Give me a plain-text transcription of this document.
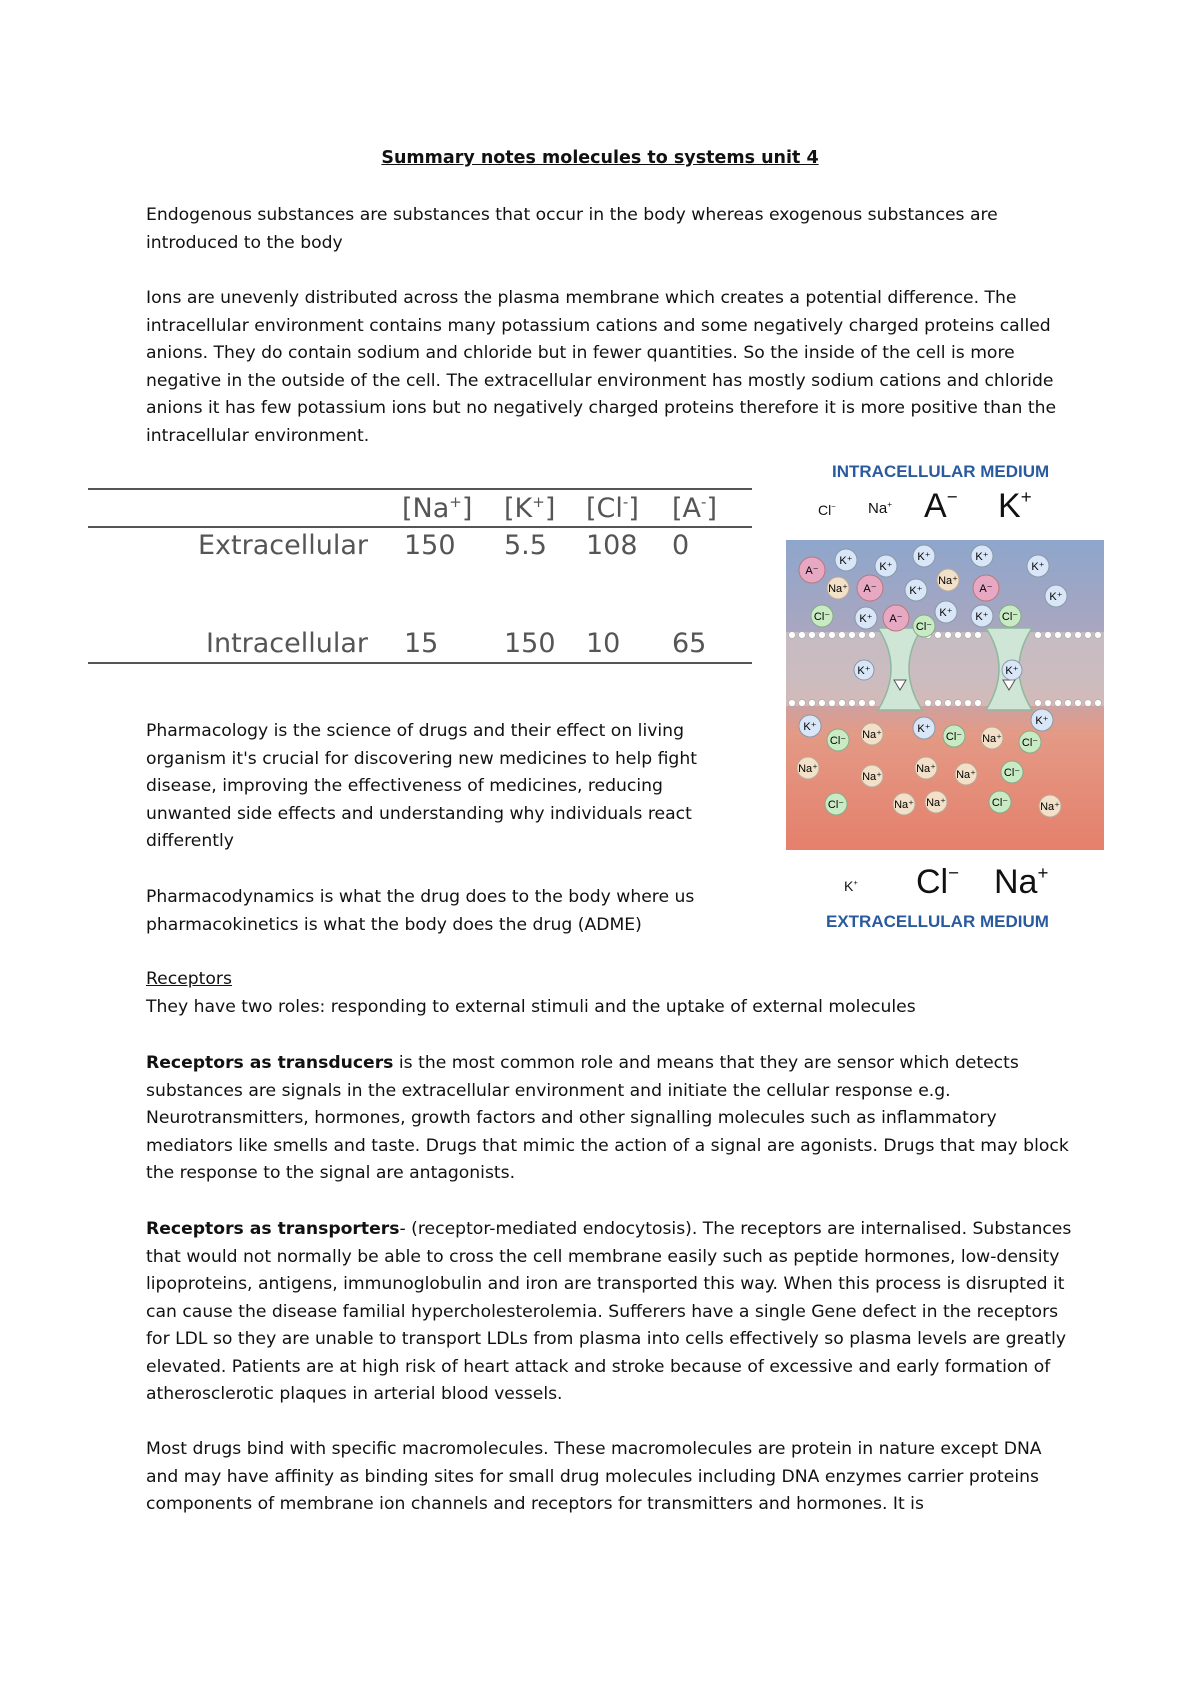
Summary notes molecules to systems unit 4

Endogenous substances are substances that occur in the body whereas exogenous substances are introduced to the body

Ions are unevenly distributed across the plasma membrane which creates a potential difference. The intracellular environment contains many potassium cations and some negatively charged proteins called anions. They do contain sodium and chloride but in fewer quantities. So the inside of the cell is more negative in the outside of the cell. The extracellular environment has mostly sodium cations and chloride anions it has few potassium ions but no negatively charged proteins therefore it is more positive than the intracellular environment.

[Na+] [K+] [Cl-] [A-]
Extracellular 150 5.5 108 0
Intracellular 15 150 10 65
INTRACELLULAR MEDIUM
Cl− Na+ A− K+
A⁻
K⁺ K⁺
K⁺	K⁺
K⁺
Na⁺ A⁻	K⁺
Na⁺
A⁻
K⁺
Cl⁻	K⁺ A⁻
Cl⁻
K⁺ K⁺ Cl⁻
K⁺	K⁺
K⁺
Cl⁻ Na⁺	K⁺
Cl⁻ Na⁺ Cl⁻
K⁺
Na⁺
Na⁺
Na⁺ Na⁺	Cl⁻
Cl⁻	Na⁺ Na⁺	Cl⁻	Na⁺
K+ Cl− Na+
EXTRACELLULAR MEDIUM

Pharmacology is the science of drugs and their effect on living organism it's crucial for discovering new medicines to help fight disease, improving the effectiveness of medicines, reducing unwanted side effects and understanding why individuals react differently

Pharmacodynamics is what the drug does to the body where us pharmacokinetics is what the body does the drug (ADME)

Receptors

They have two roles: responding to external stimuli and the uptake of external molecules

Receptors as transducers is the most common role and means that they are sensor which detects substances are signals in the extracellular environment and initiate the cellular response e.g. Neurotransmitters, hormones, growth factors and other signalling molecules such as inflammatory mediators like smells and taste. Drugs that mimic the action of a signal are agonists. Drugs that may block the response to the signal are antagonists.

Receptors as transporters- (receptor-mediated endocytosis). The receptors are internalised. Substances that would not normally be able to cross the cell membrane easily such as peptide hormones, low-density lipoproteins, antigens, immunoglobulin and iron are transported this way. When this process is disrupted it can cause the disease familial hypercholesterolemia. Sufferers have a single Gene defect in the receptors for LDL so they are unable to transport LDLs from plasma into cells effectively so plasma levels are greatly elevated. Patients are at high risk of heart attack and stroke because of excessive and early formation of atherosclerotic plaques in arterial blood vessels.

Most drugs bind with specific macromolecules. These macromolecules are protein in nature except DNA and may have affinity as binding sites for small drug molecules including DNA enzymes carrier proteins components of membrane ion channels and receptors for transmitters and hormones. It is
